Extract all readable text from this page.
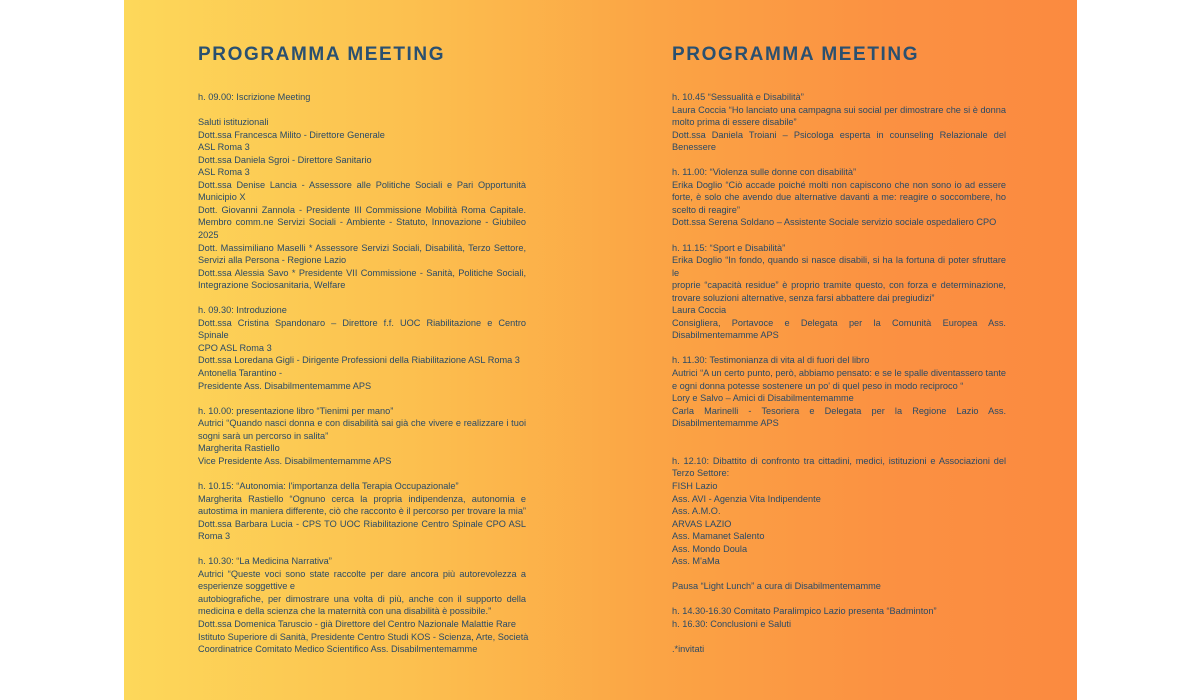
PROGRAMMA MEETING

h. 09.00: Iscrizione Meeting

Saluti istituzionali
Dott.ssa Francesca Milito - Direttore Generale
ASL Roma 3
Dott.ssa Daniela Sgroi - Direttore Sanitario
ASL Roma 3
Dott.ssa Denise Lancia - Assessore alle Politiche Sociali e Pari Opportunità
Municipio X
Dott. Giovanni Zannola - Presidente III Commissione Mobilità Roma Capitale.
Membro comm.ne Servizi Sociali - Ambiente - Statuto, Innovazione - Giubileo
2025
Dott. Massimiliano Maselli * Assessore Servizi Sociali, Disabilità, Terzo Settore,
Servizi alla Persona - Regione Lazio
Dott.ssa Alessia Savo * Presidente VII Commissione - Sanità, Politiche Sociali,
Integrazione Sociosanitaria, Welfare

h. 09.30: Introduzione
Dott.ssa Cristina Spandonaro – Direttore f.f. UOC Riabilitazione e Centro Spinale
CPO ASL Roma 3
Dott.ssa Loredana Gigli - Dirigente Professioni della Riabilitazione ASL Roma 3
Antonella Tarantino -
Presidente Ass. Disabilmentemamme APS

h. 10.00: presentazione libro “Tienimi per mano”
Autrici “Quando nasci donna e con disabilità sai già che vivere e realizzare i tuoi
sogni sarà un percorso in salita”
Margherita Rastiello
Vice Presidente Ass. Disabilmentemamme APS

h. 10.15: “Autonomia: l'importanza della Terapia Occupazionale”
Margherita Rastiello “Ognuno cerca la propria indipendenza, autonomia e
autostima in maniera differente, ciò che racconto è il percorso per trovare la mia”
Dott.ssa Barbara Lucia - CPS TO UOC Riabilitazione Centro Spinale CPO ASL
Roma 3

h. 10.30: “La Medicina Narrativa”
Autrici “Queste voci sono state raccolte per dare ancora più autorevolezza a
esperienze soggettive e
autobiografiche, per dimostrare una volta di più, anche con il supporto della
medicina e della scienza che la maternità con una disabilità è possibile.”
Dott.ssa Domenica Taruscio - già Direttore del Centro Nazionale Malattie Rare
Istituto Superiore di Sanità, Presidente Centro Studi KOS - Scienza, Arte, Società
Coordinatrice Comitato Medico Scientifico Ass. Disabilmentemamme

PROGRAMMA MEETING

h. 10.45 “Sessualità e Disabilità”
Laura Coccia “Ho lanciato una campagna sui social per dimostrare che si è donna
molto prima di essere disabile”
Dott.ssa Daniela Troiani – Psicologa esperta in counseling Relazionale del
Benessere

h. 11.00: “Violenza sulle donne con disabilità”
Erika Doglio “Ciò accade poiché molti non capiscono che non sono io ad essere
forte, è solo che avendo due alternative davanti a me: reagire o soccombere, ho
scelto di reagire”
Dott.ssa Serena Soldano – Assistente Sociale servizio sociale ospedaliero CPO

h. 11.15: “Sport e Disabilità”
Erika Doglio “In fondo, quando si nasce disabili, si ha la fortuna di poter sfruttare le
proprie “capacità residue” è proprio tramite questo, con forza e determinazione,
trovare soluzioni alternative, senza farsi abbattere dai pregiudizi”
Laura Coccia
Consigliera, Portavoce e Delegata per la Comunità Europea Ass.
Disabilmentemamme APS

h. 11.30: Testimonianza di vita al di fuori del libro
Autrici “A un certo punto, però, abbiamo pensato: e se le spalle diventassero tante
e ogni donna potesse sostenere un po' di quel peso in modo reciproco “
Lory e Salvo – Amici di Disabilmentemamme
Carla Marinelli - Tesoriera e Delegata per la Regione Lazio Ass.
Disabilmentemamme APS

h. 12.10: Dibattito di confronto tra cittadini, medici, istituzioni e Associazioni del
Terzo Settore:
FISH Lazio
Ass. AVI - Agenzia Vita Indipendente
Ass. A.M.O.
ARVAS LAZIO
Ass. Mamanet Salento
Ass. Mondo Doula
Ass. M'aMa

Pausa “Light Lunch” a cura di Disabilmentemamme

h. 14.30-16.30 Comitato Paralimpico Lazio presenta “Badminton”
h. 16.30: Conclusioni e Saluti

.*invitati
